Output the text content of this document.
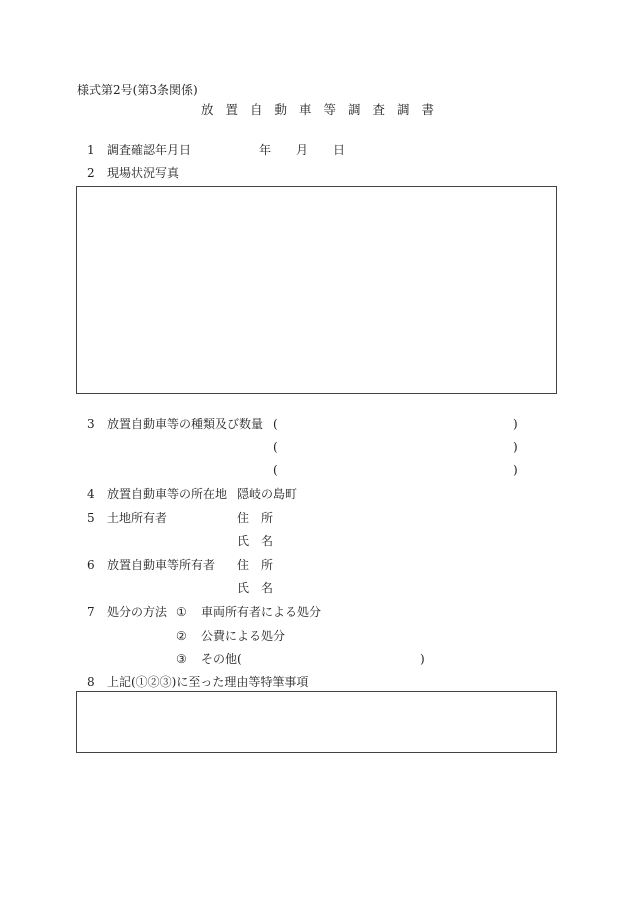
様式第2号(第3条関係)
放置自動車等調査調書
1 調査確認年月日	年 月 日
2 現場状況写真
3 放置自動車等の種類及び数量 (	)
(	)
(	)
4 放置自動車等の所在地 隠岐の島町
5 土地所有者	住　所
氏　名
6 放置自動車等所有者 住　所
氏　名
7 処分の方法 ① 車両所有者による処分
② 公費による処分
③ その他(	)
8 上記(①②③)に至った理由等特筆事項
